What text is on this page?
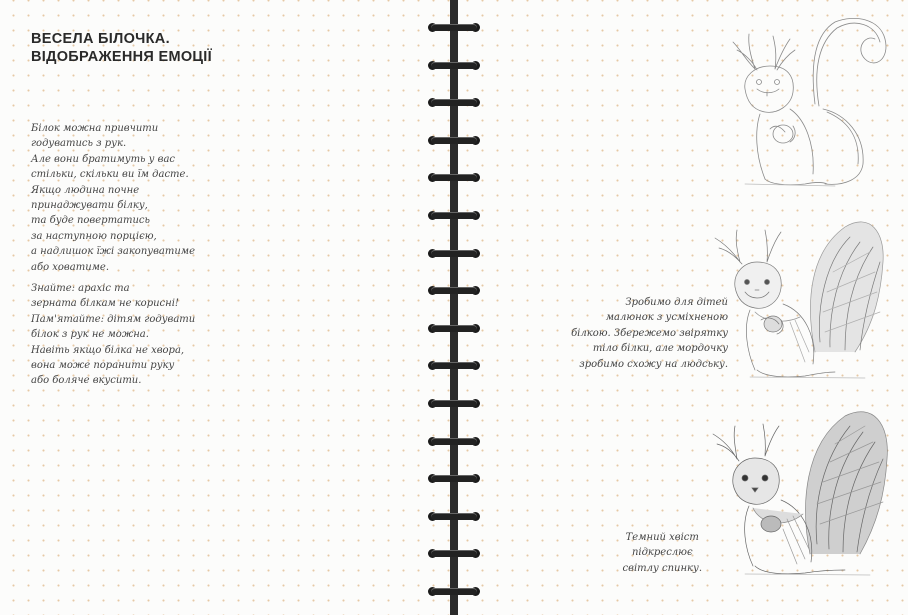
ВЕСЕЛА БІЛОЧКА.
ВІДОБРАЖЕННЯ ЕМОЦІЇ
Білок можна привчити
годуватись з рук.
Але вони братимуть у вас
стільки, скільки ви їм дасте.
Якщо людина почне
принаджувати білку,
та буде повертатись
за наступною порцією,
а надлишок їжі закопуватиме
або ховатиме.
Знайте: арахіс та
зерната білкам не корисні!
Пам'ятайте: дітям годувати
білок з рук не можна.
Навіть якщо білка не хвора,
вона може поранити руку
або боляче вкусити.
Зробимо для дітей
малюнок з усміхненою
білкою. Збережемо звірятку
тіло білки, але мордочку
зробимо схожу на людську.
Темний хвіст
підкреслює
світлу спинку.
